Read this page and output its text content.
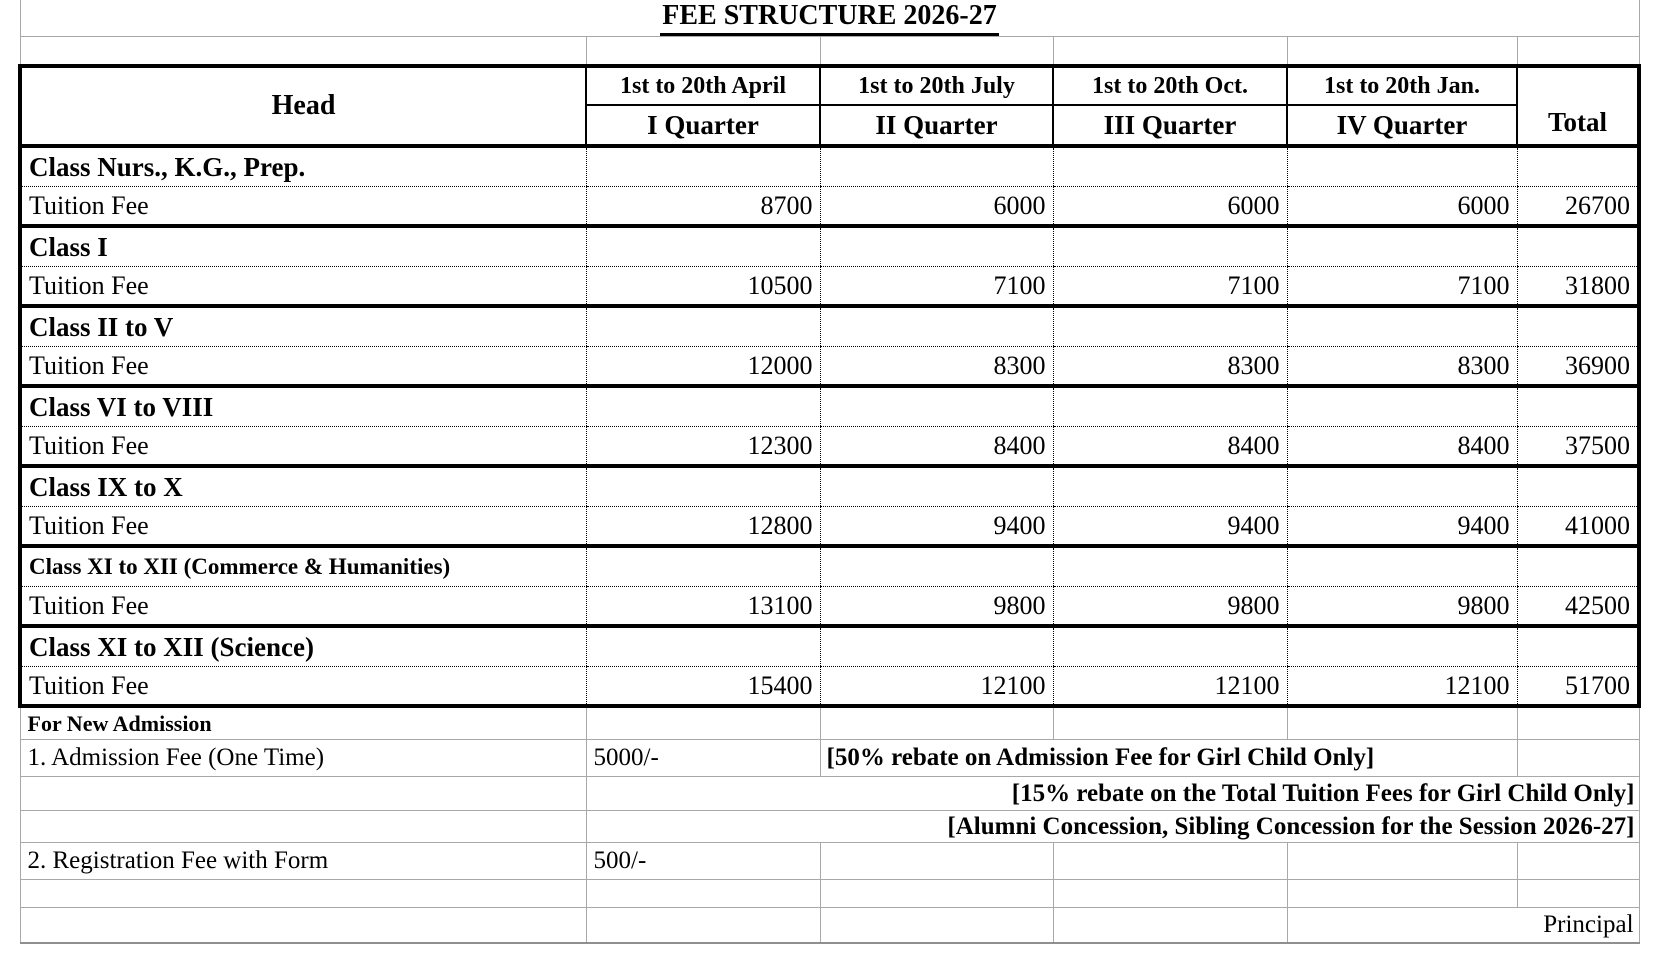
FEE STRUCTURE 2026-27					

Head	1st to 20th April	1st to 20th July	1st to 20th Oct.	1st to 20th Jan.	Total
	I Quarter	II Quarter	III Quarter	IV Quarter	
Class Nurs., K.G., Prep.					
Tuition Fee	8700	6000	6000	6000	26700
Class I					
Tuition Fee	10500	7100	7100	7100	31800
Class II to V					
Tuition Fee	12000	8300	8300	8300	36900
Class VI to VIII					
Tuition Fee	12300	8400	8400	8400	37500
Class IX to X					
Tuition Fee	12800	9400	9400	9400	41000
Class XI to XII (Commerce & Humanities)					
Tuition Fee	13100	9800	9800	9800	42500
Class XI to XII (Science)					
Tuition Fee	15400	12100	12100	12100	51700
For New Admission					
1. Admission Fee (One Time)	5000/-	[50% rebate on Admission Fee for Girl Child Only]			
	[15% rebate on the Total Tuition Fees for Girl Child Only]				
	[Alumni Concession, Sibling Concession for the Session 2026-27]				
2. Registration Fee with Form	500/-				

				Principal	
